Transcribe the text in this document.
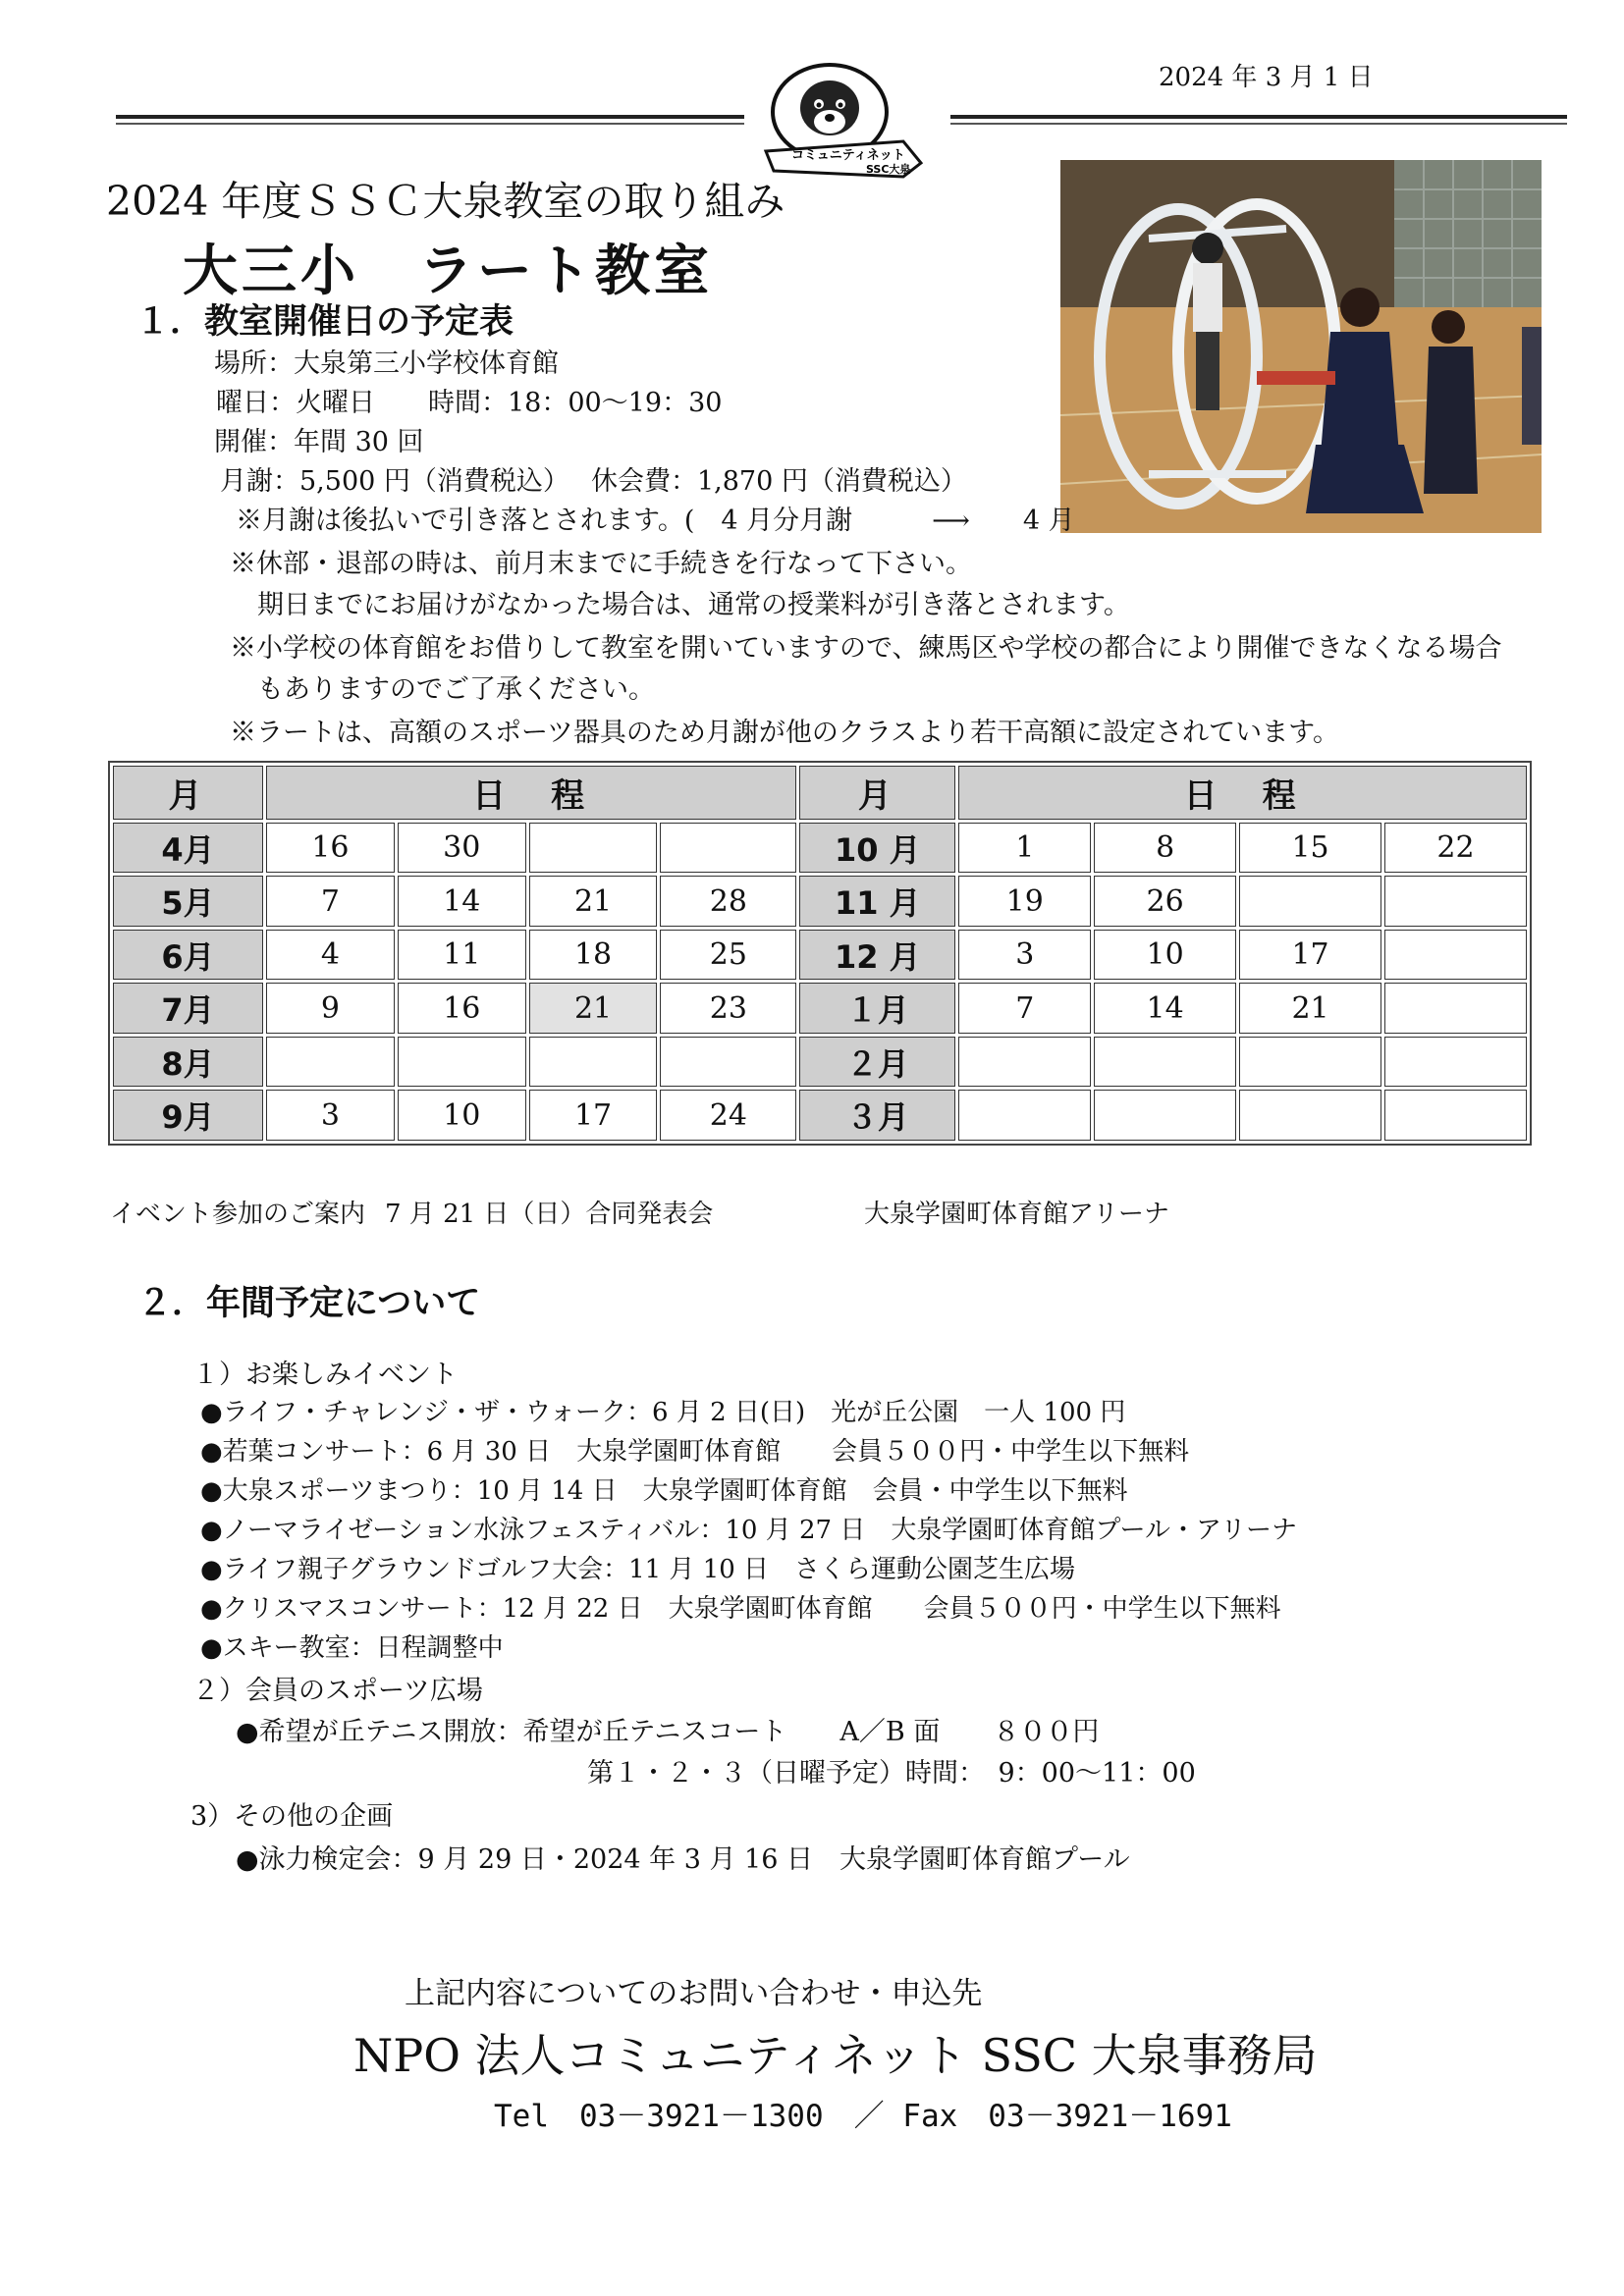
2024 年 3 月 1 日
コミュニティネット
SSC大泉
2024 年度ＳＳＣ大泉教室の取り組み
大三小　ラート教室
１．教室開催日の予定表
場所：大泉第三小学校体育館
曜日：火曜日　　時間：18：00〜19：30
開催：年間 30 回
月謝：5,500 円（消費税込）　 休会費：1,870 円（消費税込）
※月謝は後払いで引き落とされます。(　4 月分月謝　　　⟶　　4 月
※休部・退部の時は、前月末までに手続きを行なって下さい。
期日までにお届けがなかった場合は、通常の授業料が引き落とされます。
※小学校の体育館をお借りして教室を開いていますので、練馬区や学校の都合により開催できなくなる場合
もありますのでご了承ください。
※ラートは、高額のスポーツ器具のため月謝が他のクラスより若干高額に設定されています。
月	日　程				月	日　程			
4月	16	30			10 月	1	8	15	22
5月	7	14	21	28	11 月	19	26		
6月	4	11	18	25	12 月	3	10	17	
7月	9	16	21	23	１月	7	14	21	
8月					２月				
9月	3	10	17	24	３月				
イベント参加のご案内 7 月 21 日（日）合同発表会	大泉学園町体育館アリーナ
２．年間予定について
１）お楽しみイベント
●ライフ・チャレンジ・ザ・ウォーク：6 月 2 日(日)　光が丘公園　一人 100 円
●若葉コンサート：6 月 30 日　大泉学園町体育館　　会員５００円・中学生以下無料
●大泉スポーツまつり：10 月 14 日　大泉学園町体育館　会員・中学生以下無料
●ノーマライゼーション水泳フェスティバル：10 月 27 日　大泉学園町体育館プール・アリーナ
●ライフ親子グラウンドゴルフ大会：11 月 10 日　さくら運動公園芝生広場
●クリスマスコンサート：12 月 22 日　大泉学園町体育館　　会員５００円・中学生以下無料
●スキー教室：日程調整中
２）会員のスポーツ広場
●希望が丘テニス開放：希望が丘テニスコート　　A／B 面　　８００円
第１・２・３（日曜予定）時間：　9：00〜11：00
3）その他の企画
●泳力検定会：9 月 29 日・2024 年 3 月 16 日　大泉学園町体育館プール
上記内容についてのお問い合わせ・申込先
NPO 法人コミュニティネット SSC 大泉事務局
Tel　03－3921－1300　／ Fax　03－3921－1691
